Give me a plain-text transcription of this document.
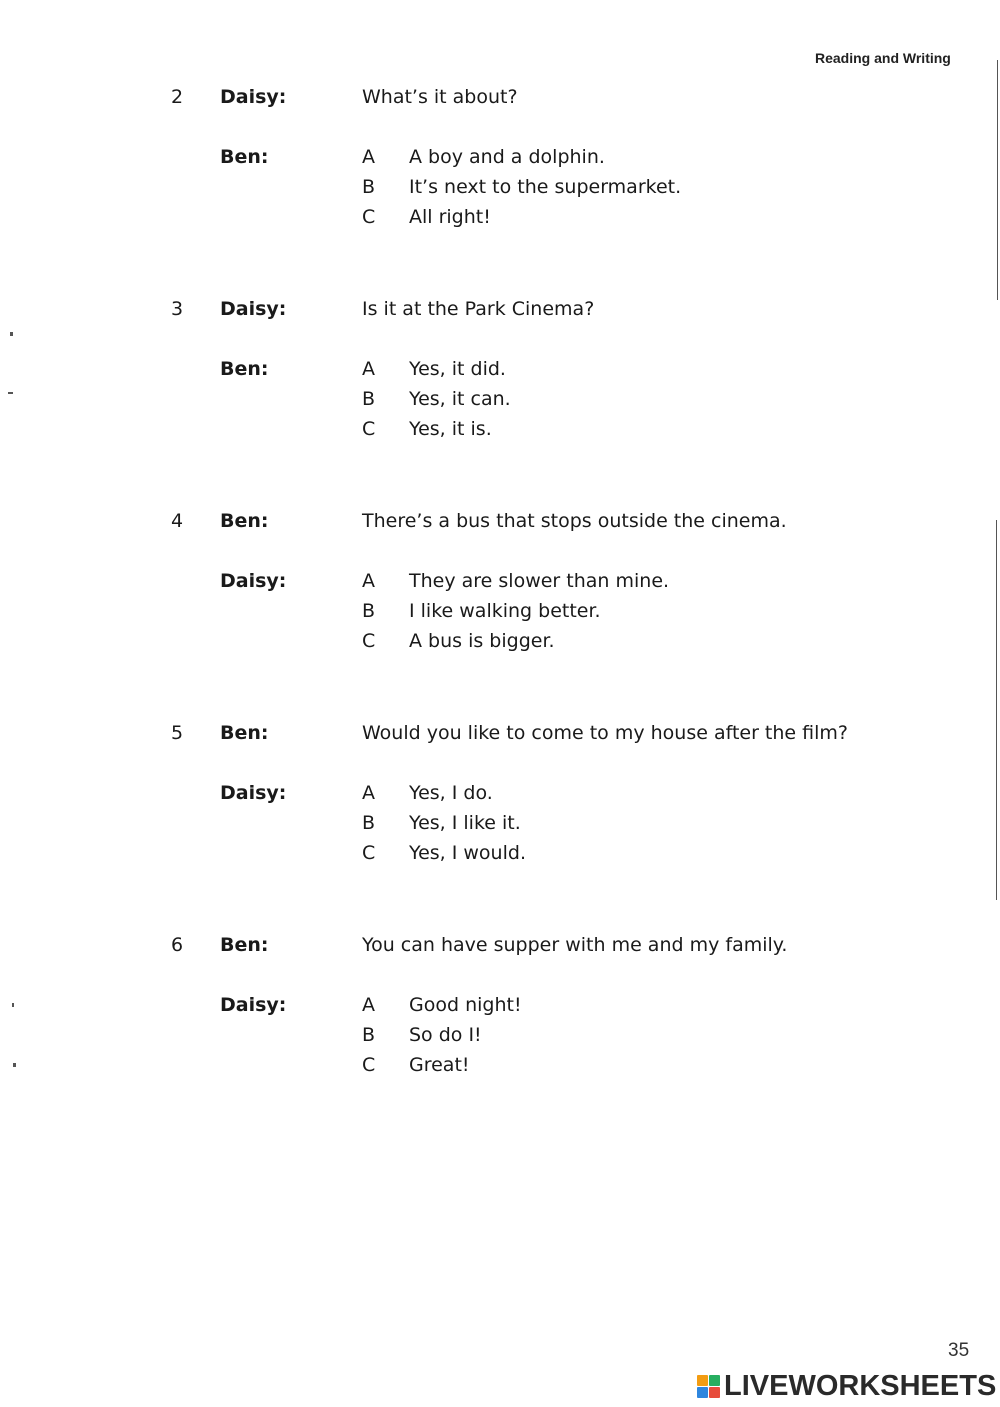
Reading and Writing
2 Daisy:	What’s it about?
Ben:	A A boy and a dolphin.
B It’s next to the supermarket.
C All right!
3 Daisy:	Is it at the Park Cinema?
Ben:	A Yes, it did.
B Yes, it can.
C Yes, it is.
4 Ben:	There’s a bus that stops outside the cinema.
Daisy:	A They are slower than mine.
B I like walking better.
C A bus is bigger.
5 Ben:	Would you like to come to my house after the film?
Daisy:	A Yes, I do.
B Yes, I like it.
C Yes, I would.
6 Ben:	You can have supper with me and my family.
Daisy:	A Good night!
B So do I!
C Great!
35
LIVEWORKSHEETS
